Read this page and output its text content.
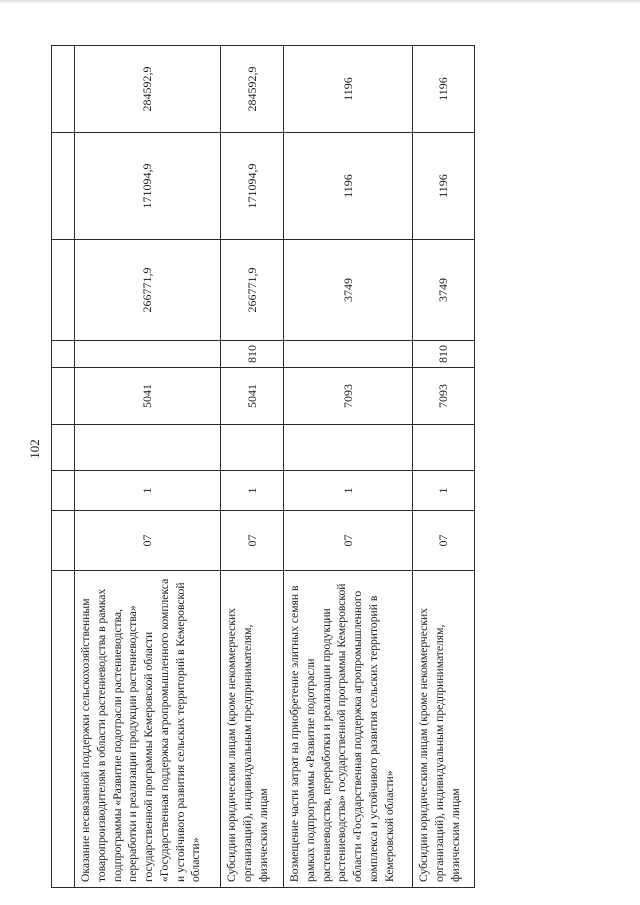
102

Оказание несвязанной поддержки сельскохозяйственным товаропроизводителям в области растениеводства в рамках подпрограммы «Развитие подотрасли растениеводства, переработки и реализации продукции растениеводства» государственной программы Кемеровской области «Государственная поддержка агропромышленного комплекса и устойчивого развития сельских территорий в Кемеровской области»	07	1		5041		266771,9	171094,9	284592,9
Субсидии юридическим лицам (кроме некоммерческих организаций), индивидуальным предпринимателям, физическим лицам	07	1		5041	810	266771,9	171094,9	284592,9
Возмещение части затрат на приобретение элитных семян в рамках подпрограммы «Развитие подотрасли растениеводства, переработки и реализации продукции растениеводства» государственной программы Кемеровской области «Государственная поддержка агропромышленного комплекса и устойчивого развития сельских территорий в Кемеровской области»	07	1		7093		3749	1196	1196
Субсидии юридическим лицам (кроме некоммерческих организаций), индивидуальным предпринимателям, физическим лицам	07	1		7093	810	3749	1196	1196
